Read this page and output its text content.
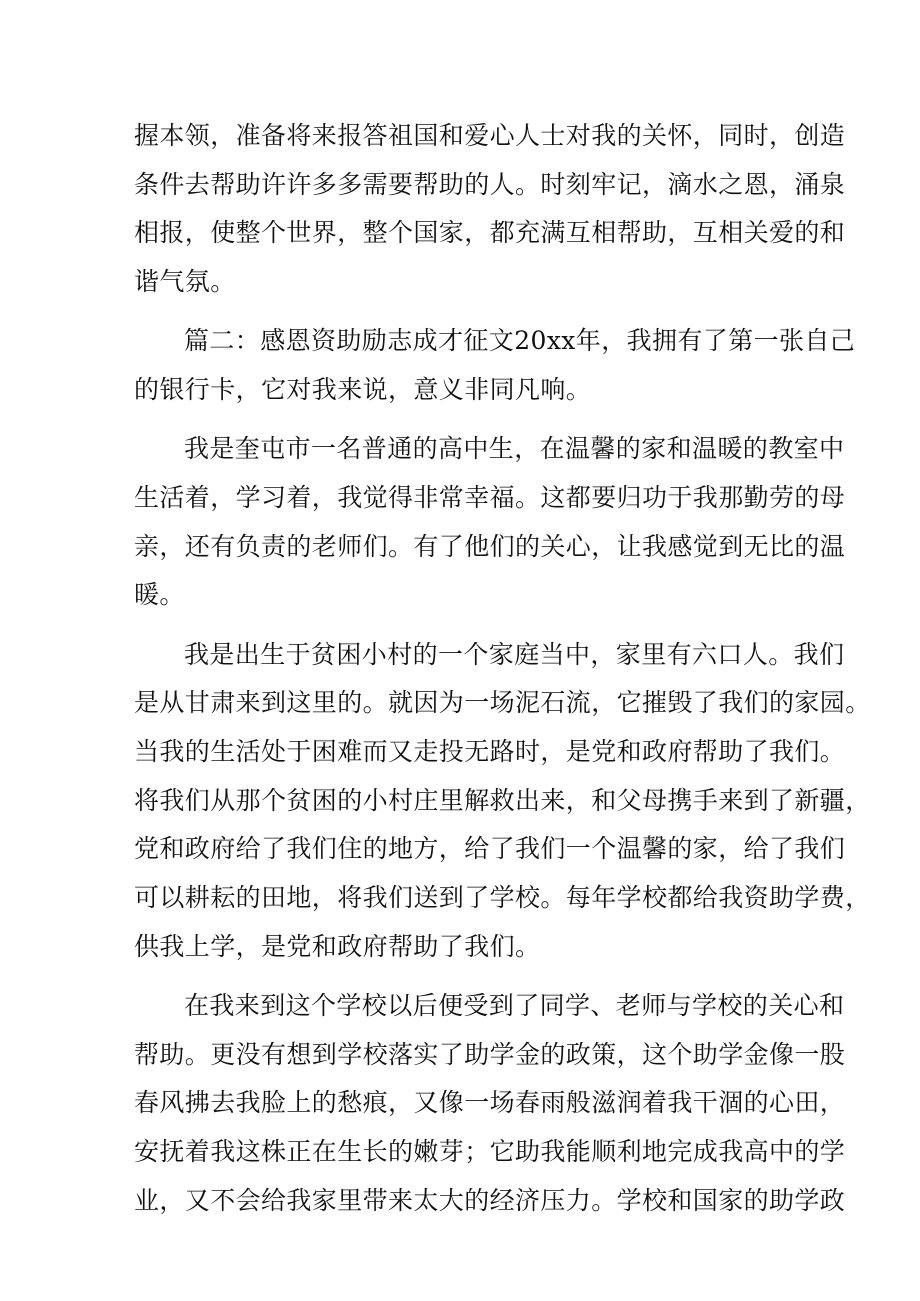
握本领，准备将来报答祖国和爱心人士对我的关怀，同时，创造
条件去帮助许许多多需要帮助的人。时刻牢记，滴水之恩，涌泉
相报，使整个世界，整个国家，都充满互相帮助，互相关爱的和
谐气氛。
篇二：感恩资助励志成才征文20xx年，我拥有了第一张自己
的银行卡，它对我来说，意义非同凡响。
我是奎屯市一名普通的高中生，在温馨的家和温暖的教室中
生活着，学习着，我觉得非常幸福。这都要归功于我那勤劳的母
亲，还有负责的老师们。有了他们的关心，让我感觉到无比的温
暖。
我是出生于贫困小村的一个家庭当中，家里有六口人。我们
是从甘肃来到这里的。就因为一场泥石流，它摧毁了我们的家园。
当我的生活处于困难而又走投无路时，是党和政府帮助了我们。
将我们从那个贫困的小村庄里解救出来，和父母携手来到了新疆，
党和政府给了我们住的地方，给了我们一个温馨的家，给了我们
可以耕耘的田地，将我们送到了学校。每年学校都给我资助学费，
供我上学，是党和政府帮助了我们。
在我来到这个学校以后便受到了同学、老师与学校的关心和
帮助。更没有想到学校落实了助学金的政策，这个助学金像一股
春风拂去我脸上的愁痕，又像一场春雨般滋润着我干涸的心田，
安抚着我这株正在生长的嫩芽；它助我能顺利地完成我高中的学
业，又不会给我家里带来太大的经济压力。学校和国家的助学政
